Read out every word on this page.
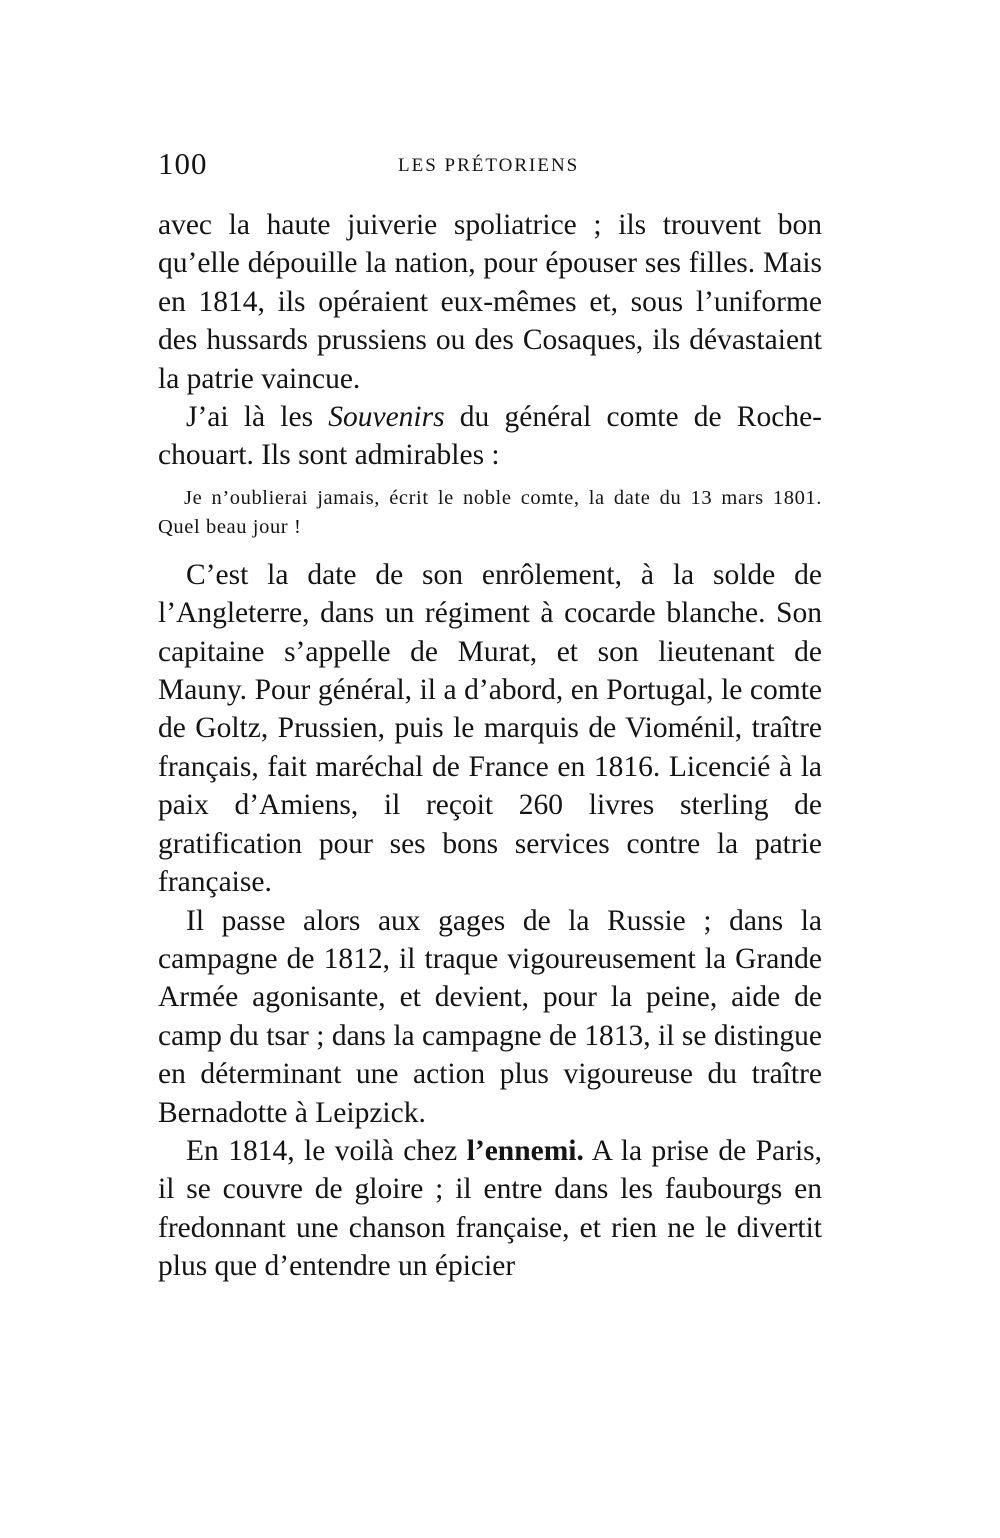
100	LES PRÉTORIENS

avec la haute juiverie spoliatrice ; ils trouvent bon qu’elle dépouille la nation, pour épouser ses filles. Mais en 1814, ils opéraient eux-mêmes et, sous l’uniforme des hussards prussiens ou des Cosaques, ils dévastaient la patrie vaincue.

J’ai là les Souvenirs du général comte de Rochechouart. Ils sont admirables :

Je n’oublierai jamais, écrit le noble comte, la date du 13 mars 1801. Quel beau jour !

C’est la date de son enrôlement, à la solde de l’Angleterre, dans un régiment à cocarde blanche. Son capitaine s’appelle de Murat, et son lieutenant de Mauny. Pour général, il a d’abord, en Portugal, le comte de Goltz, Prussien, puis le marquis de Vioménil, traître français, fait maréchal de France en 1816. Licencié à la paix d’Amiens, il reçoit 260 livres sterling de gratification pour ses bons services contre la patrie française.

Il passe alors aux gages de la Russie ; dans la campagne de 1812, il traque vigoureusement la Grande Armée agonisante, et devient, pour la peine, aide de camp du tsar ; dans la campagne de 1813, il se distingue en déterminant une action plus vigoureuse du traître Bernadotte à Leipzick.

En 1814, le voilà chez l’ennemi. A la prise de Paris, il se couvre de gloire ; il entre dans les faubourgs en fredonnant une chanson française, et rien ne le divertit plus que d’entendre un épicier
